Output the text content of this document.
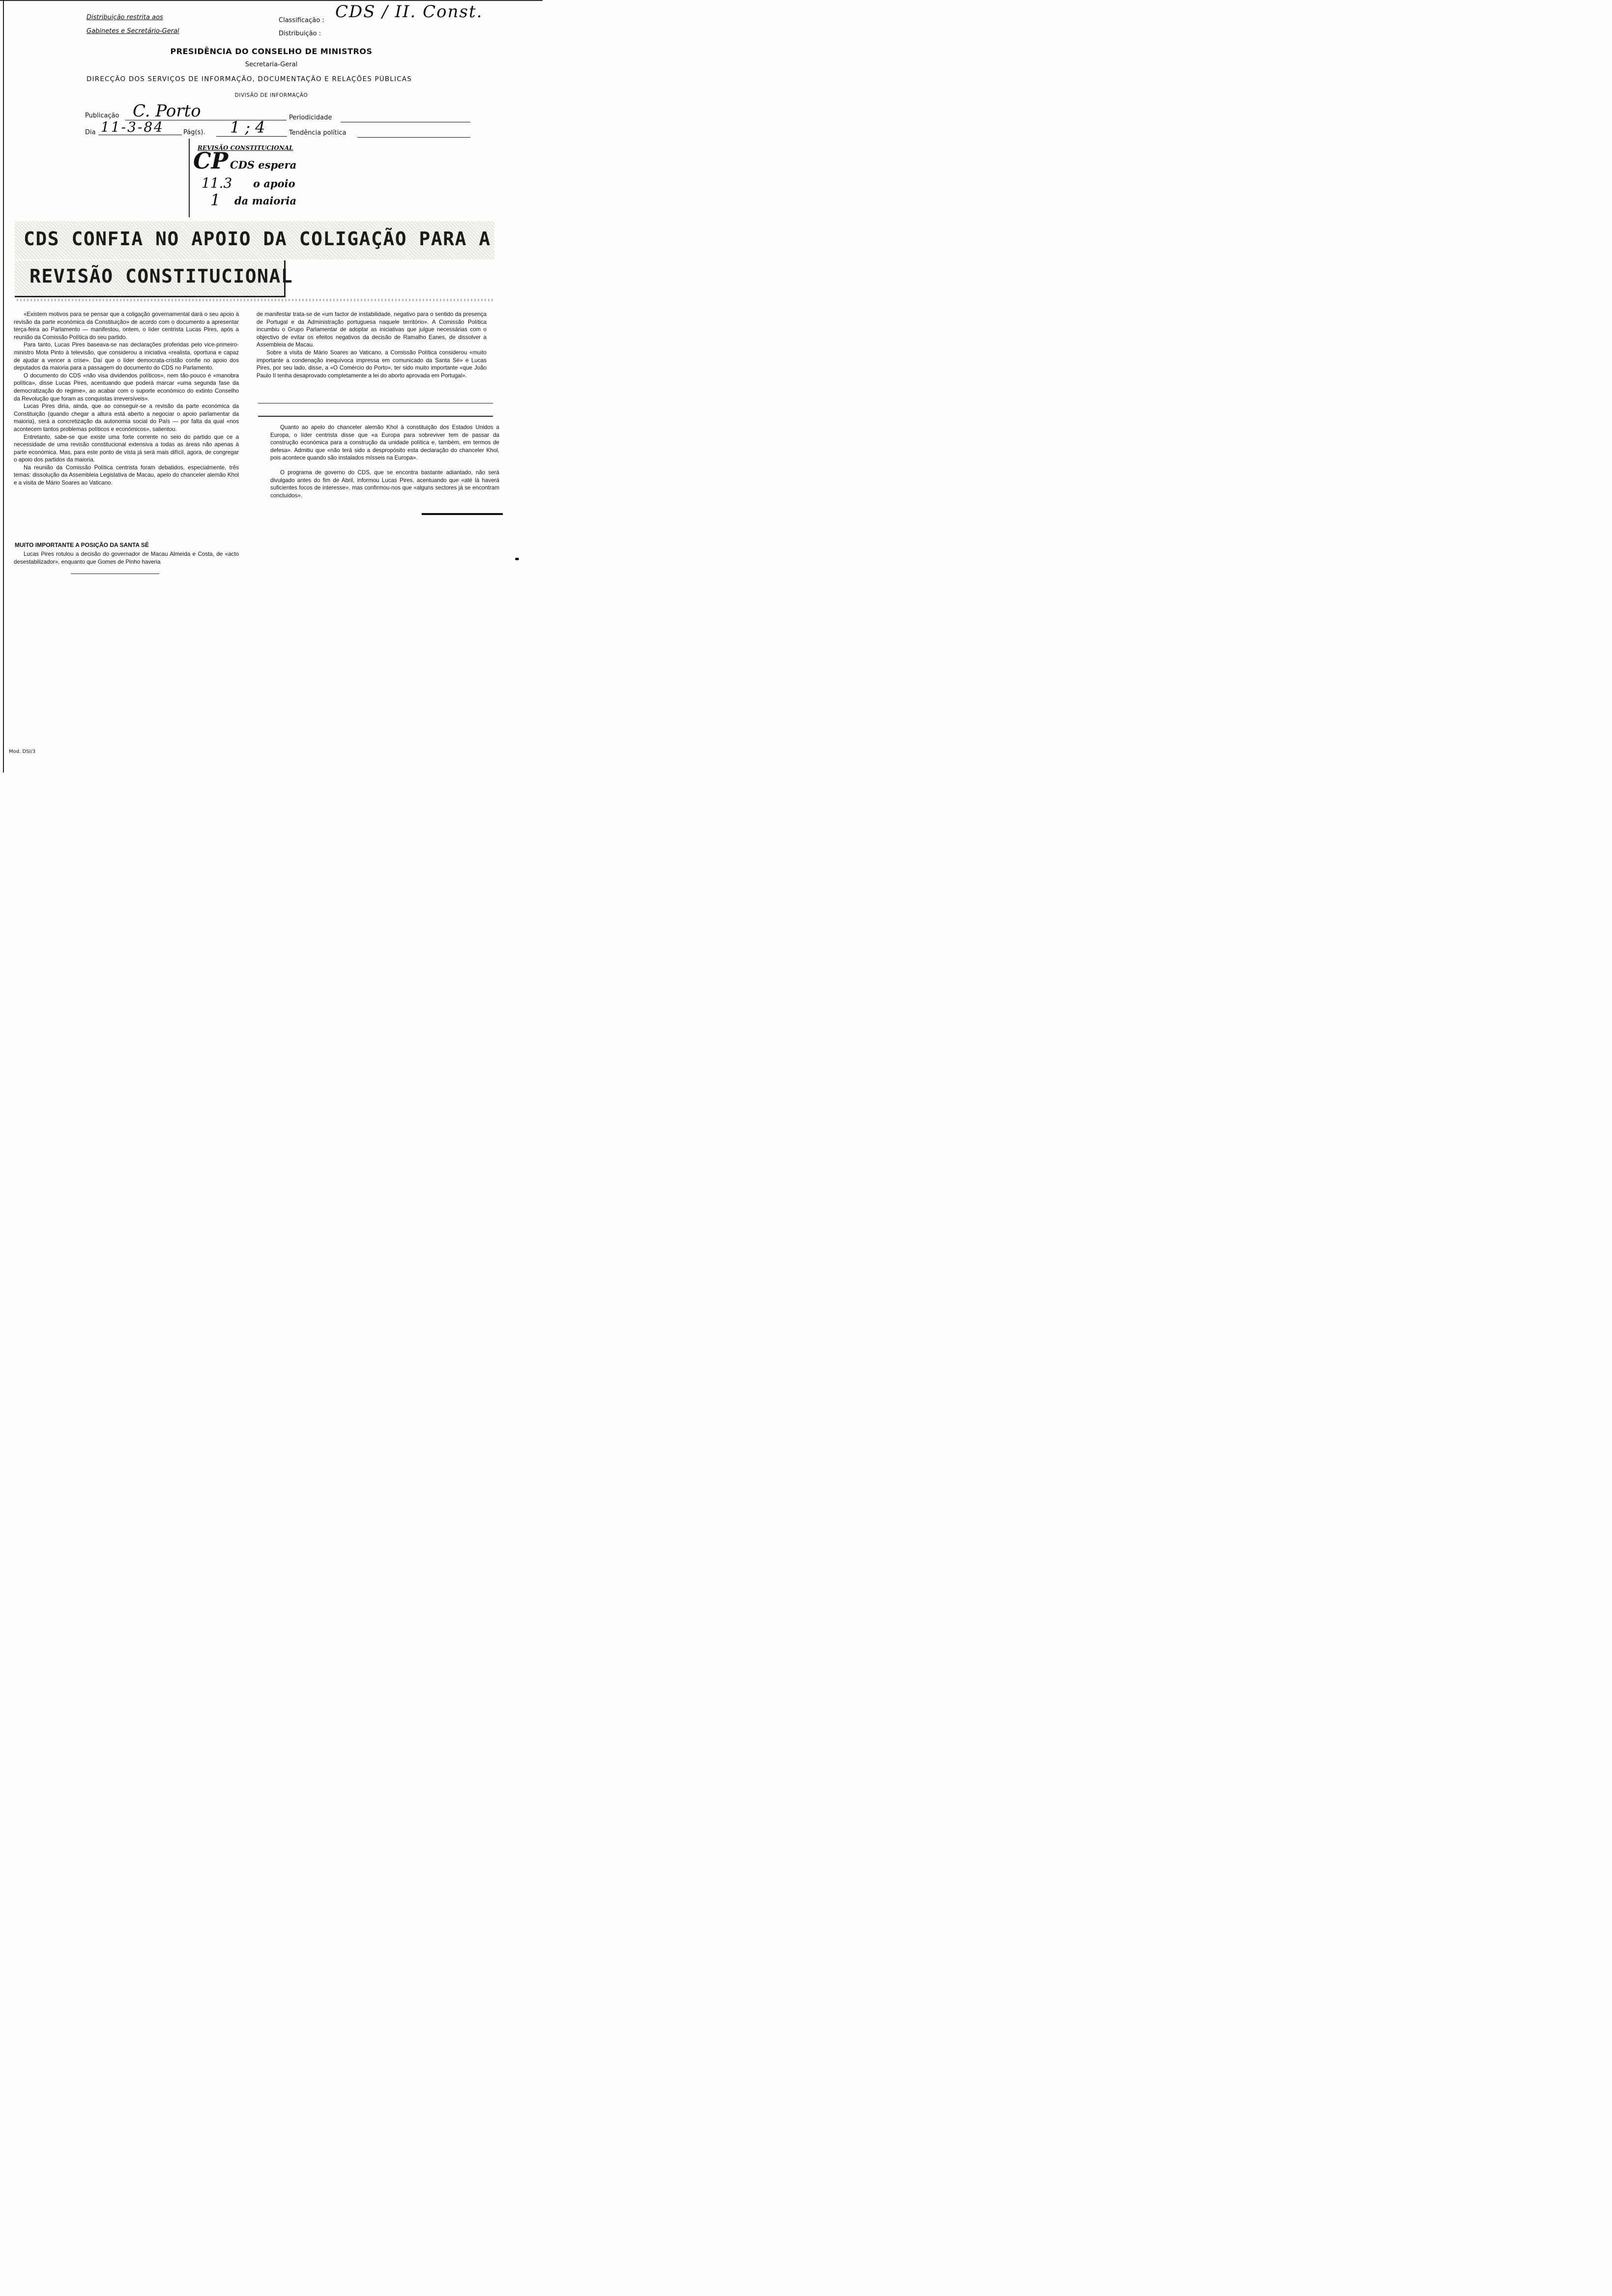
Distribuição restrita aos
Gabinetes e Secretário-Geral
Classificação : CDS / II. Const.
Distribuição :
PRESIDÊNCIA DO CONSELHO DE MINISTROS
Secretaria-Geral
DIRECÇÃO DOS SERVIÇOS DE INFORMAÇÃO, DOCUMENTAÇÃO E RELAÇÕES PÚBLICAS
DIVISÃO DE INFORMAÇÃO
Publicação C. Porto	Periodicidade
Dia 11-3-84	Pág(s). 1;4	Tendência política
REVISÃO CONSTITUCIONAL
CP
11.3
1
CDS espera
o apoio
da maioria
CDS CONFIA NO APOIO DA COLIGAÇÃO PARA A
REVISÃO CONSTITUCIONAL

«Existem motivos para se pensar que a coligação governamental dará o seu apoio à revisão da parte económica da Constituição» de acordo com o documento a apresentar terça-feira ao Parlamento — manifestou, ontem, o líder centrista Lucas Pires, após a reunião da Comissão Política do seu partido.

Para tanto, Lucas Pires baseava-se nas declarações proferidas pelo vice-primeiro-ministro Mota Pinto à televisão, que considerou a iniciativa «realista, oportuna e capaz de ajudar a vencer a crise». Daí que o líder democrata-cristão confie no apoio dos deputados da maioria para a passagem do documento do CDS no Parlamento.

O documento do CDS «não visa dividendos políticos», nem tão-pouco é «manobra política», disse Lucas Pires, acentuando que poderá marcar «uma segunda fase da democratização do regime», ao acabar com o suporte económico do extinto Conselho da Revolução que foram as conquistas irreversíveis».

Lucas Pires diria, ainda, que ao conseguir-se a revisão da parte económica da Constituição (quando chegar a altura está aberto a negociar o apoio parlamentar da maioria), será a concretização da autonomia social do País — por falta da qual «nos acontecem tantos problemas políticos e económicos», salientou.

Entretanto, sabe-se que existe uma forte corrente no seio do partido que ce a necessidade de uma revisão constitucional extensiva a todas as áreas não apenas à parte económica. Mas, para este ponto de vista já será mais difícil, agora, de congregar o apoio dos partidos da maioria.

Na reunião da Comissão Política centrista foram debatidos, especialmente, três temas: dissolução da Assembleia Legislativa de Macau, apelo do chanceler alemão Khol e a visita de Mário Soares ao Vaticano.

MUITO IMPORTANTE A POSIÇÃO DA SANTA SÉ

Lucas Pires rotulou a decisão do governador de Macau Almeida e Costa, de «acto desestabilizador», enquanto que Gomes de Pinho haveria

de manifestar trata-se de «um factor de instabilidade, negativo para o sentido da presença de Portugal e da Administração portuguesa naquele território». A Comissão Política incumbiu o Grupo Parlamentar de adoptar as iniciativas que julgue necessárias com o objectivo de evitar os efeitos negativos da decisão de Ramalho Eanes, de dissolver a Assembleia de Macau.

Sobre a visita de Mário Soares ao Vaticano, a Comissão Política considerou «muito importante a condenação inequívoca impressa em comunicado da Santa Sé» e Lucas Pires, por seu lado, disse, a «O Comércio do Porto», ter sido muito importante «que João Paulo II tenha desaprovado completamente a lei do aborto aprovada em Portugal».

Quanto ao apelo do chanceler alemão Khol à constituição dos Estados Unidos a Europa, o líder centrista disse que «a Europa para sobreviver tem de passar da construção económica para a construção da unidade política e, também, em termos de defesa». Admitiu que «não terá sido a despropósito esta declaração do chanceler Khol, pois acontece quando são instalados mísseis na Europa».

O programa de governo do CDS, que se encontra bastante adiantado, não será divulgado antes do fim de Abril, informou Lucas Pires, acentuando que «até lá haverá suficientes focos de interesse», mas confirmou-nos que «alguns sectores já se encontram concluídos».

Mod. DSI/3
